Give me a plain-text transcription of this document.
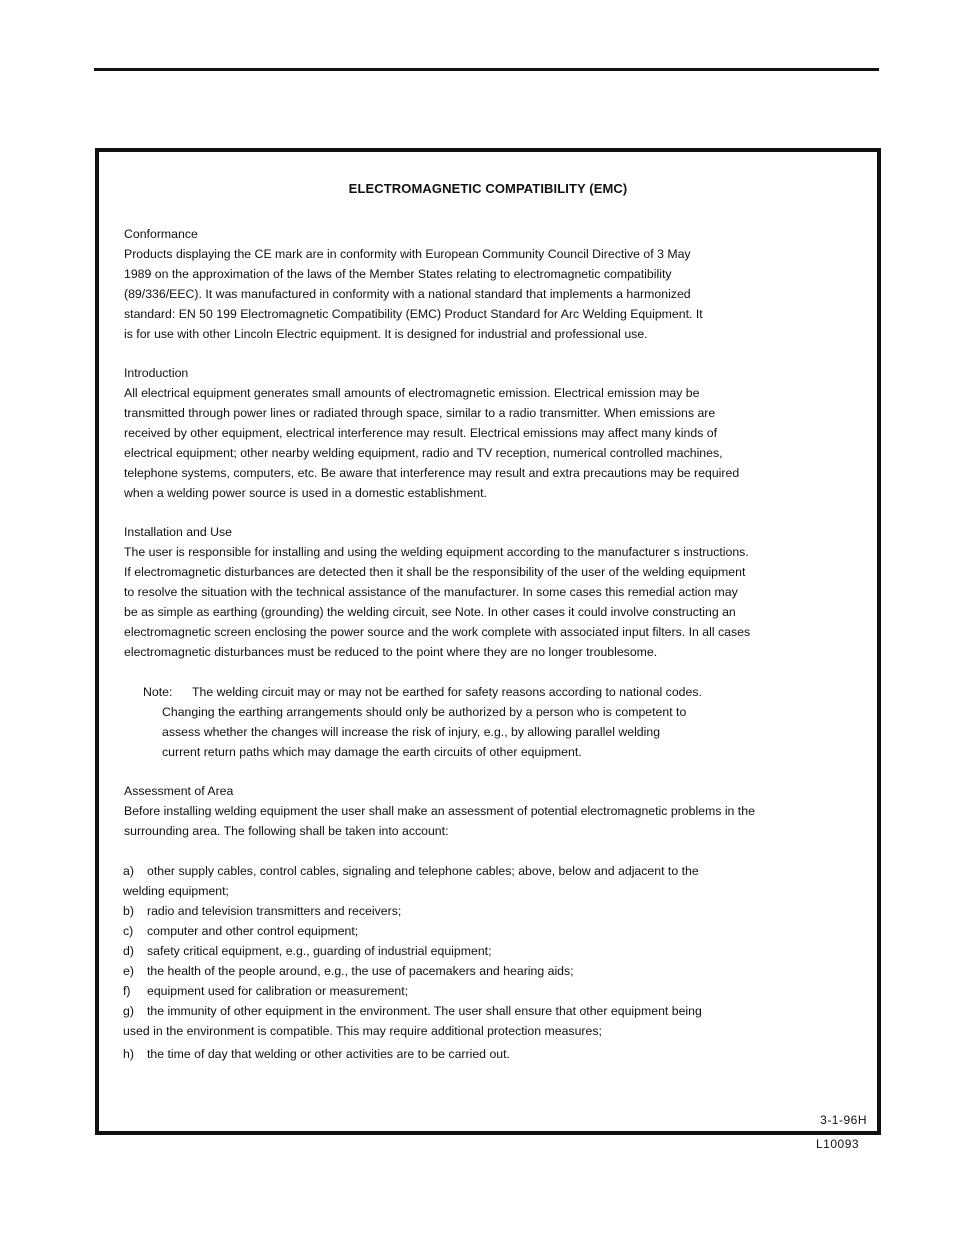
ELECTROMAGNETIC COMPATIBILITY (EMC)
Conformance
Products displaying the CE mark are in conformity with European Community Council Directive of 3 May
1989 on the approximation of the laws of the Member States relating to electromagnetic compatibility
(89/336/EEC). It was manufactured in conformity with a national standard that implements a harmonized
standard: EN 50 199 Electromagnetic Compatibility (EMC) Product Standard for Arc Welding Equipment. It
is for use with other Lincoln Electric equipment. It is designed for industrial and professional use.
Introduction
All electrical equipment generates small amounts of electromagnetic emission. Electrical emission may be
transmitted through power lines or radiated through space, similar to a radio transmitter. When emissions are
received by other equipment, electrical interference may result. Electrical emissions may affect many kinds of
electrical equipment; other nearby welding equipment, radio and TV reception, numerical controlled machines,
telephone systems, computers, etc. Be aware that interference may result and extra precautions may be required
when a welding power source is used in a domestic establishment.
Installation and Use
The user is responsible for installing and using the welding equipment according to the manufacturer s instructions.
If electromagnetic disturbances are detected then it shall be the responsibility of the user of the welding equipment
to resolve the situation with the technical assistance of the manufacturer. In some cases this remedial action may
be as simple as earthing (grounding) the welding circuit, see Note. In other cases it could involve constructing an
electromagnetic screen enclosing the power source and the work complete with associated input filters. In all cases
electromagnetic disturbances must be reduced to the point where they are no longer troublesome.
Note: The welding circuit may or may not be earthed for safety reasons according to national codes.
Changing the earthing arrangements should only be authorized by a person who is competent to
assess whether the changes will increase the risk of injury, e.g., by allowing parallel welding
current return paths which may damage the earth circuits of other equipment.
Assessment of Area
Before installing welding equipment the user shall make an assessment of potential electromagnetic problems in the
surrounding area. The following shall be taken into account:
a)	other supply cables, control cables, signaling and telephone cables; above, below and adjacent to the
welding equipment;
b)	radio and television transmitters and receivers;
c)	computer and other control equipment;
d)	safety critical equipment, e.g., guarding of industrial equipment;
e)	the health of the people around, e.g., the use of pacemakers and hearing aids;
f)	equipment used for calibration or measurement;
g)	the immunity of other equipment in the environment. The user shall ensure that other equipment being
used in the environment is compatible. This may require additional protection measures;
h)	the time of day that welding or other activities are to be carried out.
3-1-96H
L10093
